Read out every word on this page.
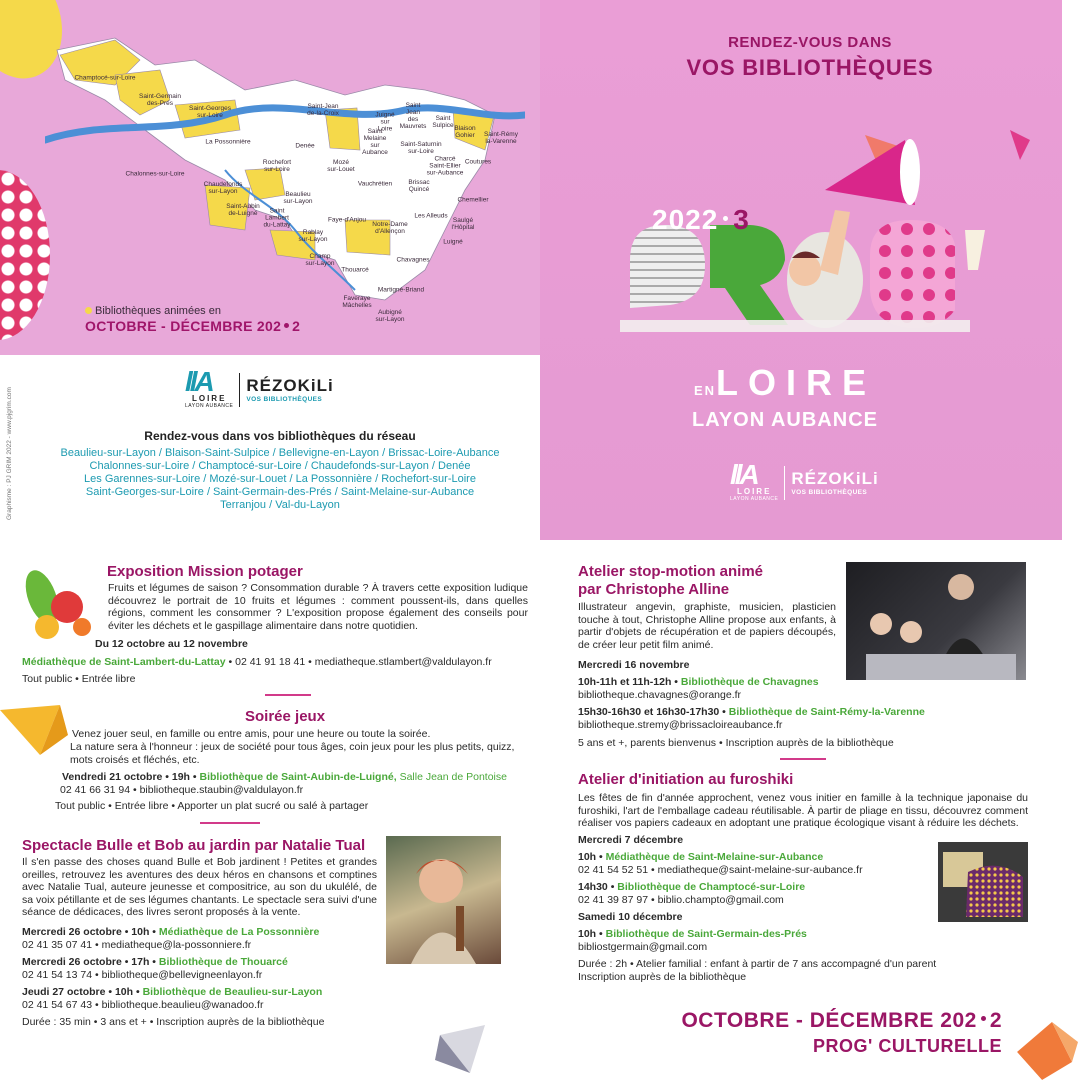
Champtocé-sur-Loire
Saint-Germain
des-Prés
Saint-Georges
sur-Loire
La Possonnière
Saint-Jean
de-la-Croix	Juigné
sur
Loire
Saint
Jean
des
Mauvrets
Saint
Sulpice Blaison
Gohier Saint-Rémy
la-Varenne
Saint
Melaine
sur
Aubance
Saint-Saturnin
sur-Loire
Coutures
Denée
Mozé
sur-Louet
Rochefort
sur-Loire
Charcé
Saint-Ellier
sur-Aubance
Chalonnes-sur-Loire
Vauchrétien Brissac
Quincé
Chaudefonds
sur-Layon
Chemellier
Beaulieu
sur-Layon
Saint-Aubin
de-Luigné	Les Alleuds
Faye-d'Anjou
Saint
Lambert
du-Lattay
Saulgé
l'Hôpital
Notre-Dame
d'Allençon
Luigné
Rablay
sur-Layon
Champ
sur-Layon	Chavagnes
Thouarcé
Martigné-Briand
Faveraye
Mâchelles
Aubigné
sur-Layon
Bibliothèques animées en
OCTOBRE - DÉCEMBRE 202 2
Graphisme : PJ GRIM 2022 - www.pjgrim.com
llA
LOIRE
LAYON AUBANCE
RÉZOKiLi
VOS BIBLIOTHÈQUES
Rendez-vous dans vos bibliothèques du réseau
Beaulieu-sur-Layon / Blaison-Saint-Sulpice / Bellevigne-en-Layon / Brissac-Loire-Aubance
Chalonnes-sur-Loire / Champtocé-sur-Loire / Chaudefonds-sur-Layon / Denée
Les Garennes-sur-Loire / Mozé-sur-Louet / La Possonnière / Rochefort-sur-Loire
Saint-Georges-sur-Loire / Saint-Germain-des-Prés / Saint-Melaine-sur-Aubance
Terranjou / Val-du-Layon
RENDEZ-VOUS DANS
VOS BIBLIOTHÈQUES
2022 3
ENLOIRE
LAYON AUBANCE
llA
LOIRE
LAYON AUBANCE
RÉZOKiLi
VOS BIBLIOTHÈQUES
Exposition Mission potager
Fruits et légumes de saison ? Consommation durable ? À travers cette exposition ludique découvrez le portrait de 10 fruits et légumes : comment poussent-ils, dans quelles régions, comment les consommer ? L'exposition propose également des conseils pour éviter les déchets et le gaspillage alimentaire dans notre quotidien.
Du 12 octobre au 12 novembre
Médiathèque de Saint-Lambert-du-Lattay • 02 41 91 18 41 • mediatheque.stlambert@valdulayon.fr
Tout public • Entrée libre
Soirée jeux
Venez jouer seul, en famille ou entre amis, pour une heure ou toute la soirée.
La nature sera à l'honneur : jeux de société pour tous âges, coin jeux pour les plus petits, quizz, mots croisés et fléchés, etc.
Vendredi 21 octobre • 19h • Bibliothèque de Saint-Aubin-de-Luigné, Salle Jean de Pontoise
02 41 66 31 94 • bibliotheque.staubin@valdulayon.fr
Tout public • Entrée libre • Apporter un plat sucré ou salé à partager
Spectacle Bulle et Bob au jardin par Natalie Tual
Il s'en passe des choses quand Bulle et Bob jardinent ! Petites et grandes oreilles, retrouvez les aventures des deux héros en chansons et comptines avec Natalie Tual, auteure jeunesse et compositrice, au son du ukulélé, de sa voix pétillante et de ses légumes chantants. Le spectacle sera suivi d'une séance de dédicaces, des livres seront proposés à la vente.
Mercredi 26 octobre • 10h • Médiathèque de La Possonnière
02 41 35 07 41 • mediatheque@la-possonniere.fr
Mercredi 26 octobre • 17h • Bibliothèque de Thouarcé
02 41 54 13 74 • bibliotheque@bellevigneenlayon.fr
Jeudi 27 octobre • 10h • Bibliothèque de Beaulieu-sur-Layon
02 41 54 67 43 • bibliotheque.beaulieu@wanadoo.fr
Durée : 35 min • 3 ans et + • Inscription auprès de la bibliothèque
Atelier stop-motion animé
par Christophe Alline
Illustrateur angevin, graphiste, musicien, plasticien touche à tout, Christophe Alline propose aux enfants, à partir d'objets de récupération et de papiers découpés, de créer leur petit film animé.
Mercredi 16 novembre
10h-11h et 11h-12h • Bibliothèque de Chavagnes
bibliotheque.chavagnes@orange.fr
15h30-16h30 et 16h30-17h30 • Bibliothèque de Saint-Rémy-la-Varenne
bibliotheque.stremy@brissacloireaubance.fr
5 ans et +, parents bienvenus • Inscription auprès de la bibliothèque
Atelier d'initiation au furoshiki
Les fêtes de fin d'année approchent, venez vous initier en famille à la technique japonaise du furoshiki, l'art de l'emballage cadeau réutilisable. À partir de pliage en tissu, découvrez comment réaliser vos papiers cadeaux en adoptant une pratique écologique visant à réduire les déchets.
Mercredi 7 décembre
10h • Médiathèque de Saint-Melaine-sur-Aubance
02 41 54 52 51 • mediatheque@saint-melaine-sur-aubance.fr
14h30 • Bibliothèque de Champtocé-sur-Loire
02 41 39 87 97 • biblio.champto@gmail.com
Samedi 10 décembre
10h • Bibliothèque de Saint-Germain-des-Prés
bibliostgermain@gmail.com
Durée : 2h • Atelier familial : enfant à partir de 7 ans accompagné d'un parent
Inscription auprès de la bibliothèque
OCTOBRE - DÉCEMBRE 202 2
PROG' CULTURELLE
